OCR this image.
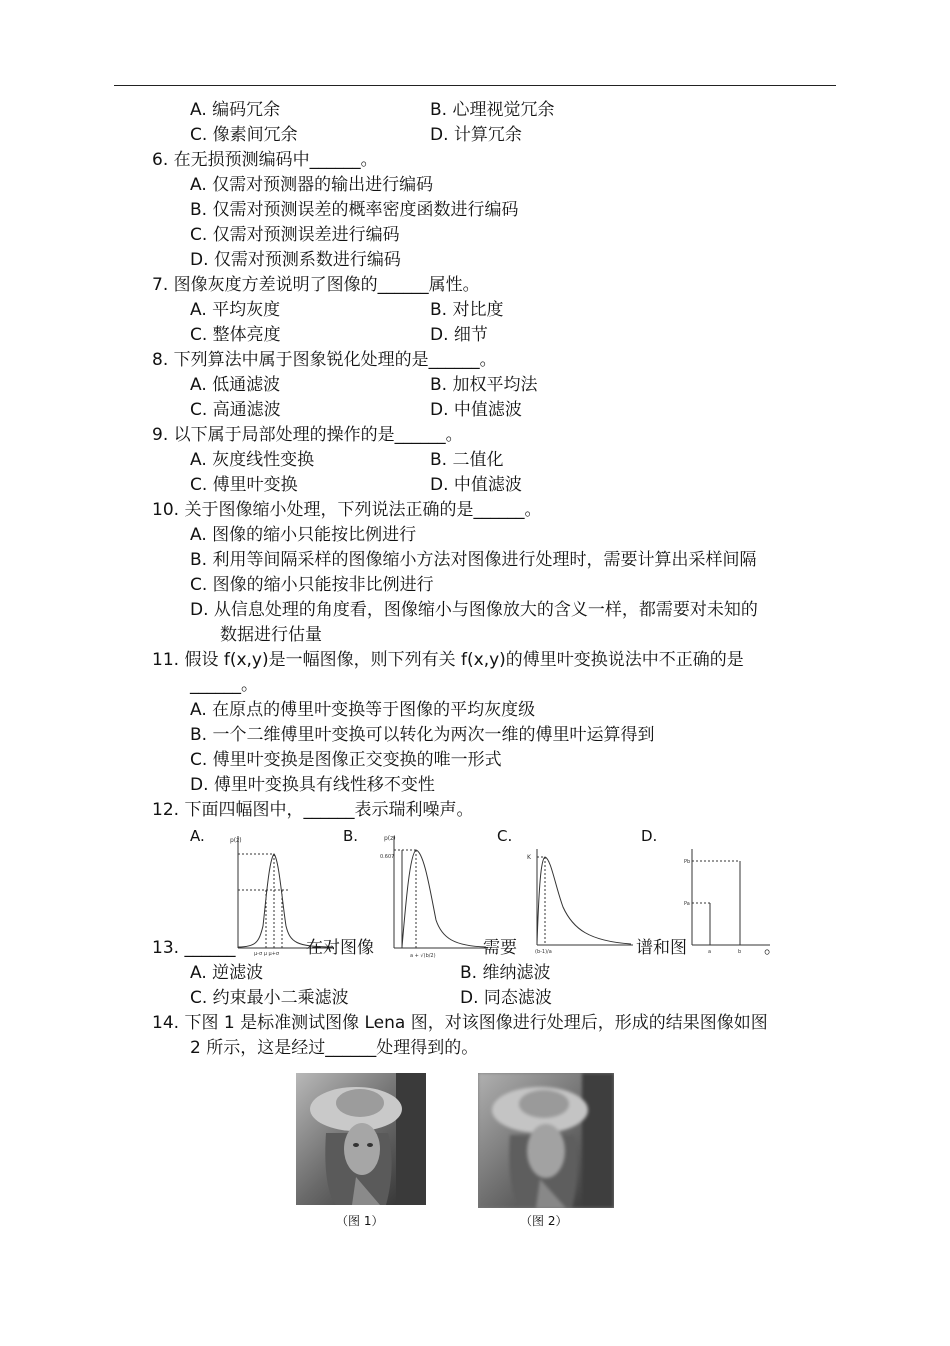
A. 编码冗余	B. 心理视觉冗余
C. 像素间冗余	D. 计算冗余
6. 在无损预测编码中______。
A. 仅需对预测器的输出进行编码
B. 仅需对预测误差的概率密度函数进行编码
C. 仅需对预测误差进行编码
D. 仅需对预测系数进行编码
7. 图像灰度方差说明了图像的______属性。
A. 平均灰度	B. 对比度
C. 整体亮度	D. 细节
8. 下列算法中属于图象锐化处理的是______。
A. 低通滤波	B. 加权平均法
C. 高通滤波	D. 中值滤波
9. 以下属于局部处理的操作的是______。
A. 灰度线性变换	B. 二值化
C. 傅里叶变换	D. 中值滤波
10. 关于图像缩小处理，下列说法正确的是______。
A. 图像的缩小只能按比例进行
B. 利用等间隔采样的图像缩小方法对图像进行处理时，需要计算出采样间隔
C. 图像的缩小只能按非比例进行
D. 从信息处理的角度看，图像缩小与图像放大的含义一样，都需要对未知的
数据进行估量
11. 假设 f(x,y)是一幅图像，则下列有关 f(x,y)的傅里叶变换说法中不正确的是
______。
A. 在原点的傅里叶变换等于图像的平均灰度级
B. 一个二维傅里叶变换可以转化为两次一维的傅里叶运算得到
C. 傅里叶变换是图像正交变换的唯一形式
D. 傅里叶变换具有线性移不变性
12. 下面四幅图中，______表示瑞利噪声。
A.	B.	C.	D.
p(z)
μ-σ μ μ+σ
p(z)
0.607
a + √(b/2)
K
(b-1)/a
Pb
Pa
a	b
13. ______	在对图像	需要	谱和图	。
A. 逆滤波	B. 维纳滤波
C. 约束最小二乘滤波	D. 同态滤波
14. 下图 1 是标准测试图像 Lena 图，对该图像进行处理后，形成的结果图像如图
2 所示，这是经过______处理得到的。
（图 1）	（图 2）
